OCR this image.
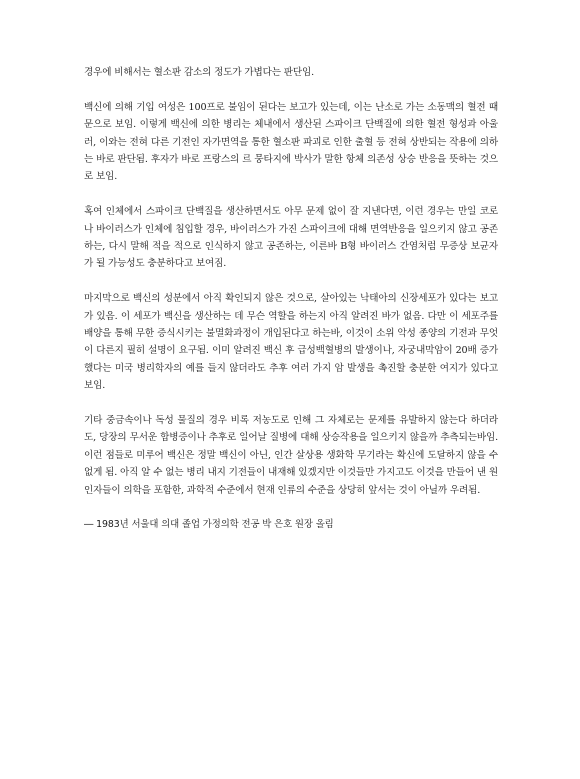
경우에 비해서는 혈소판 감소의 정도가 가볍다는 판단임.

백신에 의해 기입 여성은 100프로 불임이 된다는 보고가 있는데, 이는 난소로 가는 소동맥의 혈전 때문으로 보임. 이렇게 백신에 의한 병리는 체내에서 생산된 스파이크 단백질에 의한 혈전 형성과 아울러, 이와는 전혀 다른 기전인 자가면역을 통한 혈소판 파괴로 인한 출혈 등 전혀 상반되는 작용에 의하는 바로 판단됨. 후자가 바로 프랑스의 르 뭉타지에 박사가 말한 항체 의존성 상승 반응을 뜻하는 것으로 보임.

혹여 인체에서 스파이크 단백질을 생산하면서도 아무 문제 없이 잘 지낸다면, 이런 경우는 만일 코로나 바이러스가 인체에 침입할 경우, 바이러스가 가진 스파이크에 대해 면역반응을 일으키지 않고 공존하는, 다시 말해 적을 적으로 인식하지 않고 공존하는, 이른바 B형 바이러스 간염처럼 무증상 보균자가 될 가능성도 충분하다고 보여짐.

마지막으로 백신의 성분에서 아직 확인되지 않은 것으로, 살아있는 낙태아의 신장세포가 있다는 보고가 있음. 이 세포가 백신을 생산하는 데 무슨 역할을 하는지 아직 알려진 바가 없음. 다만 이 세포주를 배양을 통해 무한 증식시키는 불멸화과정이 개입된다고 하는바, 이것이 소위 악성 종양의 기전과 무엇이 다른지 필히 설명이 요구됨. 이미 알려진 백신 후 급성백혈병의 발생이나, 자궁내막암이 20배 증가했다는 미국 병리학자의 예를 들지 않더라도 추후 여러 가지 암 발생을 촉진할 충분한 여지가 있다고 보임.

기타 중금속이나 독성 물질의 경우 비록 저농도로 인해 그 자체로는 문제를 유발하지 않는다 하더라도, 당장의 무서운 합병증이나 추후로 일어날 질병에 대해 상승작용을 일으키지 않을까 추측되는바임. 이런 점들로 미루어 백신은 정말 백신이 아닌, 인간 살상용 생화학 무기라는 확신에 도달하지 않을 수 없게 됨. 아직 알 수 없는 병리 내지 기전들이 내재해 있겠지만 이것들만 가지고도 이것을 만들어 낸 원인자들이 의학을 포함한, 과학적 수준에서 현재 인류의 수준을 상당히 앞서는 것이 아닐까 우려됨.

― 1983년 서울대 의대 졸업 가정의학 전공 박 은호 원장 올림
